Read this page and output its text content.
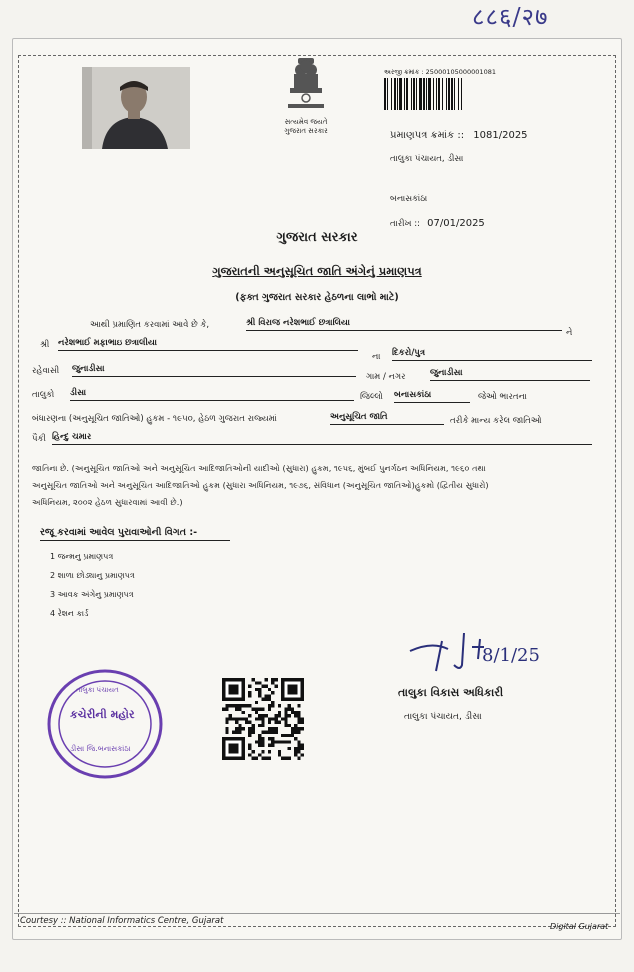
८८६/२७
સત્યમેવ જયતે
ગુજરાત સરકાર
અરજી ક્રમાંક : 25000105000001081
પ્રમાણપત્ર ક્રમાંક :: 1081/2025
તાલુકા પંચાયત, ડીસા
બનાસકાંઠા
તારીખ :: 07/01/2025
ગુજરાત સરકાર
ગુજરાતની અનુસૂચિત જાતિ અંગેનું પ્રમાણપત્ર
(ફક્ત ગુજરાત સરકાર હેઠળના લાભો માટે)
આથી પ્રમાણિત કરવામાં આવે છે કે,	શ્રી વિરાજ નરેશભાઈ છત્રાલિયા
ને
શ્રી નરેશભાઈ મફાભાઇ છત્રાલીયા
ના દિકરો/પુત્ર
રહેવાસી જુનાડીસા
ગામ / નગર	જુનાડીસા
તાલુકો ડીસા	જિલ્લો બનાસકાંઠા	જેઓ ભારતના
બંધારણના (અનુસૂચિત જાતિઓ) હુકમ - ૧૯૫૦, હેઠળ ગુજરાત રાજ્યમાં	અનુસૂચિત જાતિ	તરીકે માન્ય કરેલ જાતિઓ
પૈકી હિન્દુ ચમાર
જાતિના છે. (અનુસૂચિત જાતિઓ અને અનુસૂચિત આદિજાતિઓની યાદીઓ (સુધારા) હુકમ, ૧૯૫૬, મુંબઈ પુનર્ગઠન અધિનિયમ, ૧૯૬૦ તથા
અનુસૂચિત જાતિઓ અને અનુસૂચિત આદિજાતિઓ હુકમ (સુધારા અધિનિયમ, ૧૯૭૬, સંવિધાન (અનુસૂચિત જાતિઓ)હુકમો (દ્વિતીય સુધારો)
અધિનિયમ, ૨૦૦૨ હેઠળ સુધારવામાં આવી છે.)
રજૂ કરવામાં આવેલ પુરાવાઓની વિગત :-
1 જન્મનુ પ્રમાણપત્ર
2 શાળા છોડ્યાનુ પ્રમાણપત્ર
3 આવક અંગેનુ પ્રમાણપત્ર
4 રેશન કાર્ડ
8/1/25
તાલુકા વિકાસ અધિકારી
તાલુકા પંચાયત, ડીસા
તાલુકા પંચાયત
કચેરીની મહોર
ડીસા જિ.બનાસકાંઠા
Courtesy :: National Informatics Centre, Gujarat
Digital Gujarat
